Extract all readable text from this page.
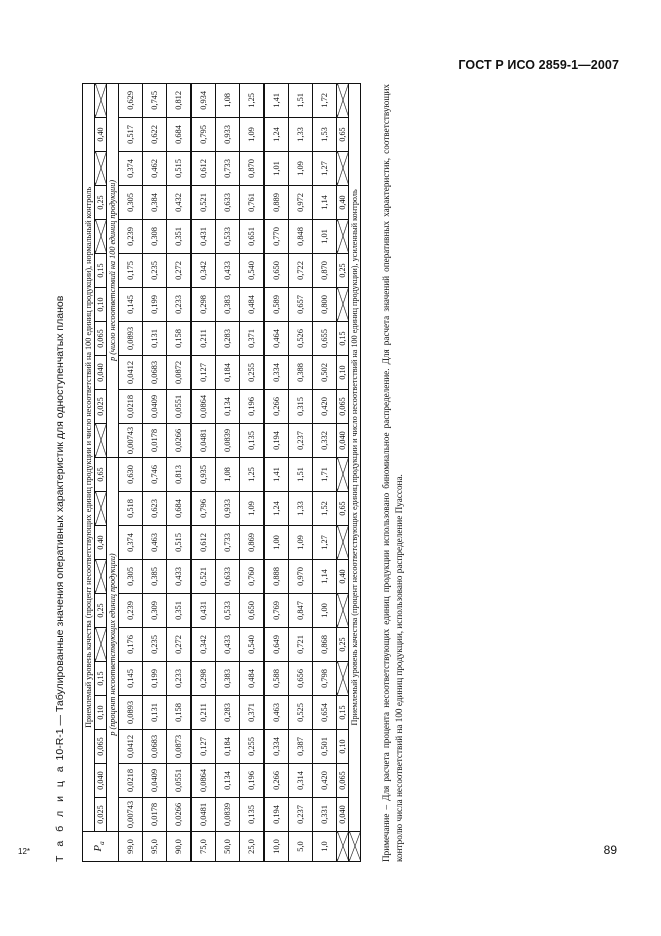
ГОСТ Р ИСО 2859-1—2007
12*	89
Т а б л и ц а 10-R-1 — Табулированные значения оперативных характеристик для одноступенчатых планов
$P_a$	Приемлемый уровень качества (процент несоответствующих единиц продукции и число несоответствий на 100 единиц продукции), нормальный контроль																					
	0,025	0,040	0,065	0,10	0,15		0,25		0,40		0,65		0,025	0,040	0,065	0,10	0,15		0,25		0,40	
	p (процент несоответствующих единиц продукции)											p (число несоответствий на 100 единиц продукции)										
99,0	0,00743	0,0218	0,0412	0,0893	0,145	0,176	0,239	0,305	0,374	0,518	0,630	0,00743	0,0218	0,0412	0,0893	0,145	0,175	0,239	0,305	0,374	0,517	0,629
95,0	0,0178	0,0409	0,0683	0,131	0,199	0,235	0,309	0,385	0,463	0,623	0,746	0,0178	0,0409	0,0683	0,131	0,199	0,235	0,308	0,384	0,462	0,622	0,745
90,0	0,0266	0,0551	0,0873	0,158	0,233	0,272	0,351	0,433	0,515	0,684	0,813	0,0266	0,0551	0,0872	0,158	0,233	0,272	0,351	0,432	0,515	0,684	0,812
75,0	0,0481	0,0864	0,127	0,211	0,298	0,342	0,431	0,521	0,612	0,796	0,935	0,0481	0,0864	0,127	0,211	0,298	0,342	0,431	0,521	0,612	0,795	0,934
50,0	0,0839	0,134	0,184	0,283	0,383	0,433	0,533	0,633	0,733	0,933	1,08	0,0839	0,134	0,184	0,283	0,383	0,433	0,533	0,633	0,733	0,933	1,08
25,0	0,135	0,196	0,255	0,371	0,484	0,540	0,650	0,760	0,869	1,09	1,25	0,135	0,196	0,255	0,371	0,484	0,540	0,651	0,761	0,870	1,09	1,25
10,0	0,194	0,266	0,334	0,463	0,588	0,649	0,769	0,888	1,00	1,24	1,41	0,194	0,266	0,334	0,464	0,589	0,650	0,770	0,889	1,01	1,24	1,41
5,0	0,237	0,314	0,387	0,525	0,656	0,721	0,847	0,970	1,09	1,33	1,51	0,237	0,315	0,388	0,526	0,657	0,722	0,848	0,972	1,09	1,33	1,51
1,0	0,331	0,420	0,501	0,654	0,798	0,868	1,00	1,14	1,27	1,52	1,71	0,332	0,420	0,502	0,655	0,800	0,870	1,01	1,14	1,27	1,53	1,72
	0,040	0,065	0,10	0,15		0,25		0,40		0,65		0,040	0,065	0,10	0,15		0,25		0,40		0,65	
	Приемлемый уровень качества (процент несоответствующих единиц продукции и число несоответствий на 100 единиц продукции), усиленный контроль																					Примечание – Для расчета процента несоответствующих единиц продукции использовано биномиальное распределение. Для расчета значений оперативных характеристик, соответствующих контролю числа несоответствий на 100 единиц продукции, использовано распределение Пуассона.
